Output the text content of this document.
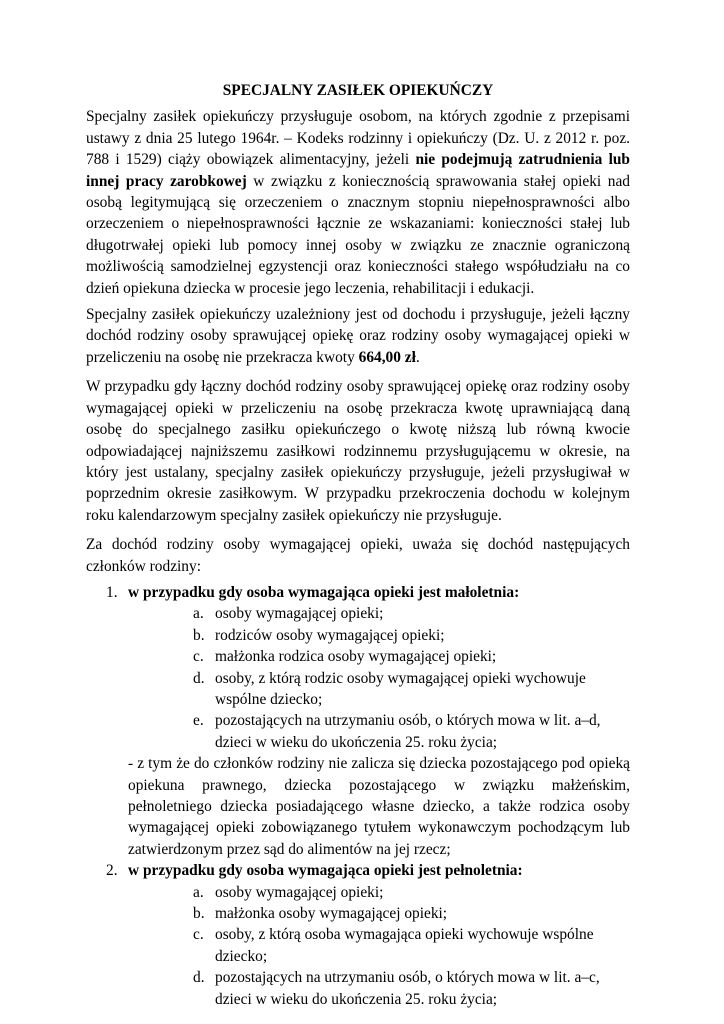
SPECJALNY ZASIŁEK OPIEKUŃCZY

Specjalny zasiłek opiekuńczy przysługuje osobom, na których zgodnie z przepisami ustawy z dnia 25 lutego 1964r. – Kodeks rodzinny i opiekuńczy (Dz. U. z 2012 r. poz. 788 i 1529) ciąży obowiązek alimentacyjny, jeżeli nie podejmują zatrudnienia lub innej pracy zarobkowej w związku z koniecznością sprawowania stałej opieki nad osobą legitymującą się orzeczeniem o znacznym stopniu niepełnosprawności albo orzeczeniem o niepełnosprawności łącznie ze wskazaniami: konieczności stałej lub długotrwałej opieki lub pomocy innej osoby w związku ze znacznie ograniczoną możliwością samodzielnej egzystencji oraz konieczności stałego współudziału na co dzień opiekuna dziecka w procesie jego leczenia, rehabilitacji i edukacji.

Specjalny zasiłek opiekuńczy uzależniony jest od dochodu i przysługuje, jeżeli łączny dochód rodziny osoby sprawującej opiekę oraz rodziny osoby wymagającej opieki w przeliczeniu na osobę nie przekracza kwoty 664,00 zł.

W przypadku gdy łączny dochód rodziny osoby sprawującej opiekę oraz rodziny osoby wymagającej opieki w przeliczeniu na osobę przekracza kwotę uprawniającą daną osobę do specjalnego zasiłku opiekuńczego o kwotę niższą lub równą kwocie odpowiadającej najniższemu zasiłkowi rodzinnemu przysługującemu w okresie, na który jest ustalany, specjalny zasiłek opiekuńczy przysługuje, jeżeli przysługiwał w poprzednim okresie zasiłkowym. W przypadku przekroczenia dochodu w kolejnym roku kalendarzowym specjalny zasiłek opiekuńczy nie przysługuje.

Za dochód rodziny osoby wymagającej opieki, uważa się dochód następujących członków rodziny:

1. w przypadku gdy osoba wymagająca opieki jest małoletnia:
a. osoby wymagającej opieki;
b. rodziców osoby wymagającej opieki;
c. małżonka rodzica osoby wymagającej opieki;
d. osoby, z którą rodzic osoby wymagającej opieki wychowuje wspólne dziecko;
e. pozostających na utrzymaniu osób, o których mowa w lit. a–d, dzieci w wieku do ukończenia 25. roku życia;
- z tym że do członków rodziny nie zalicza się dziecka pozostającego pod opieką opiekuna prawnego, dziecka pozostającego w związku małżeńskim, pełnoletniego dziecka posiadającego własne dziecko, a także rodzica osoby wymagającej opieki zobowiązanego tytułem wykonawczym pochodzącym lub zatwierdzonym przez sąd do alimentów na jej rzecz;
2. w przypadku gdy osoba wymagająca opieki jest pełnoletnia:
a. osoby wymagającej opieki;
b. małżonka osoby wymagającej opieki;
c. osoby, z którą osoba wymagająca opieki wychowuje wspólne dziecko;
d. pozostających na utrzymaniu osób, o których mowa w lit. a–c, dzieci w wieku do ukończenia 25. roku życia;
